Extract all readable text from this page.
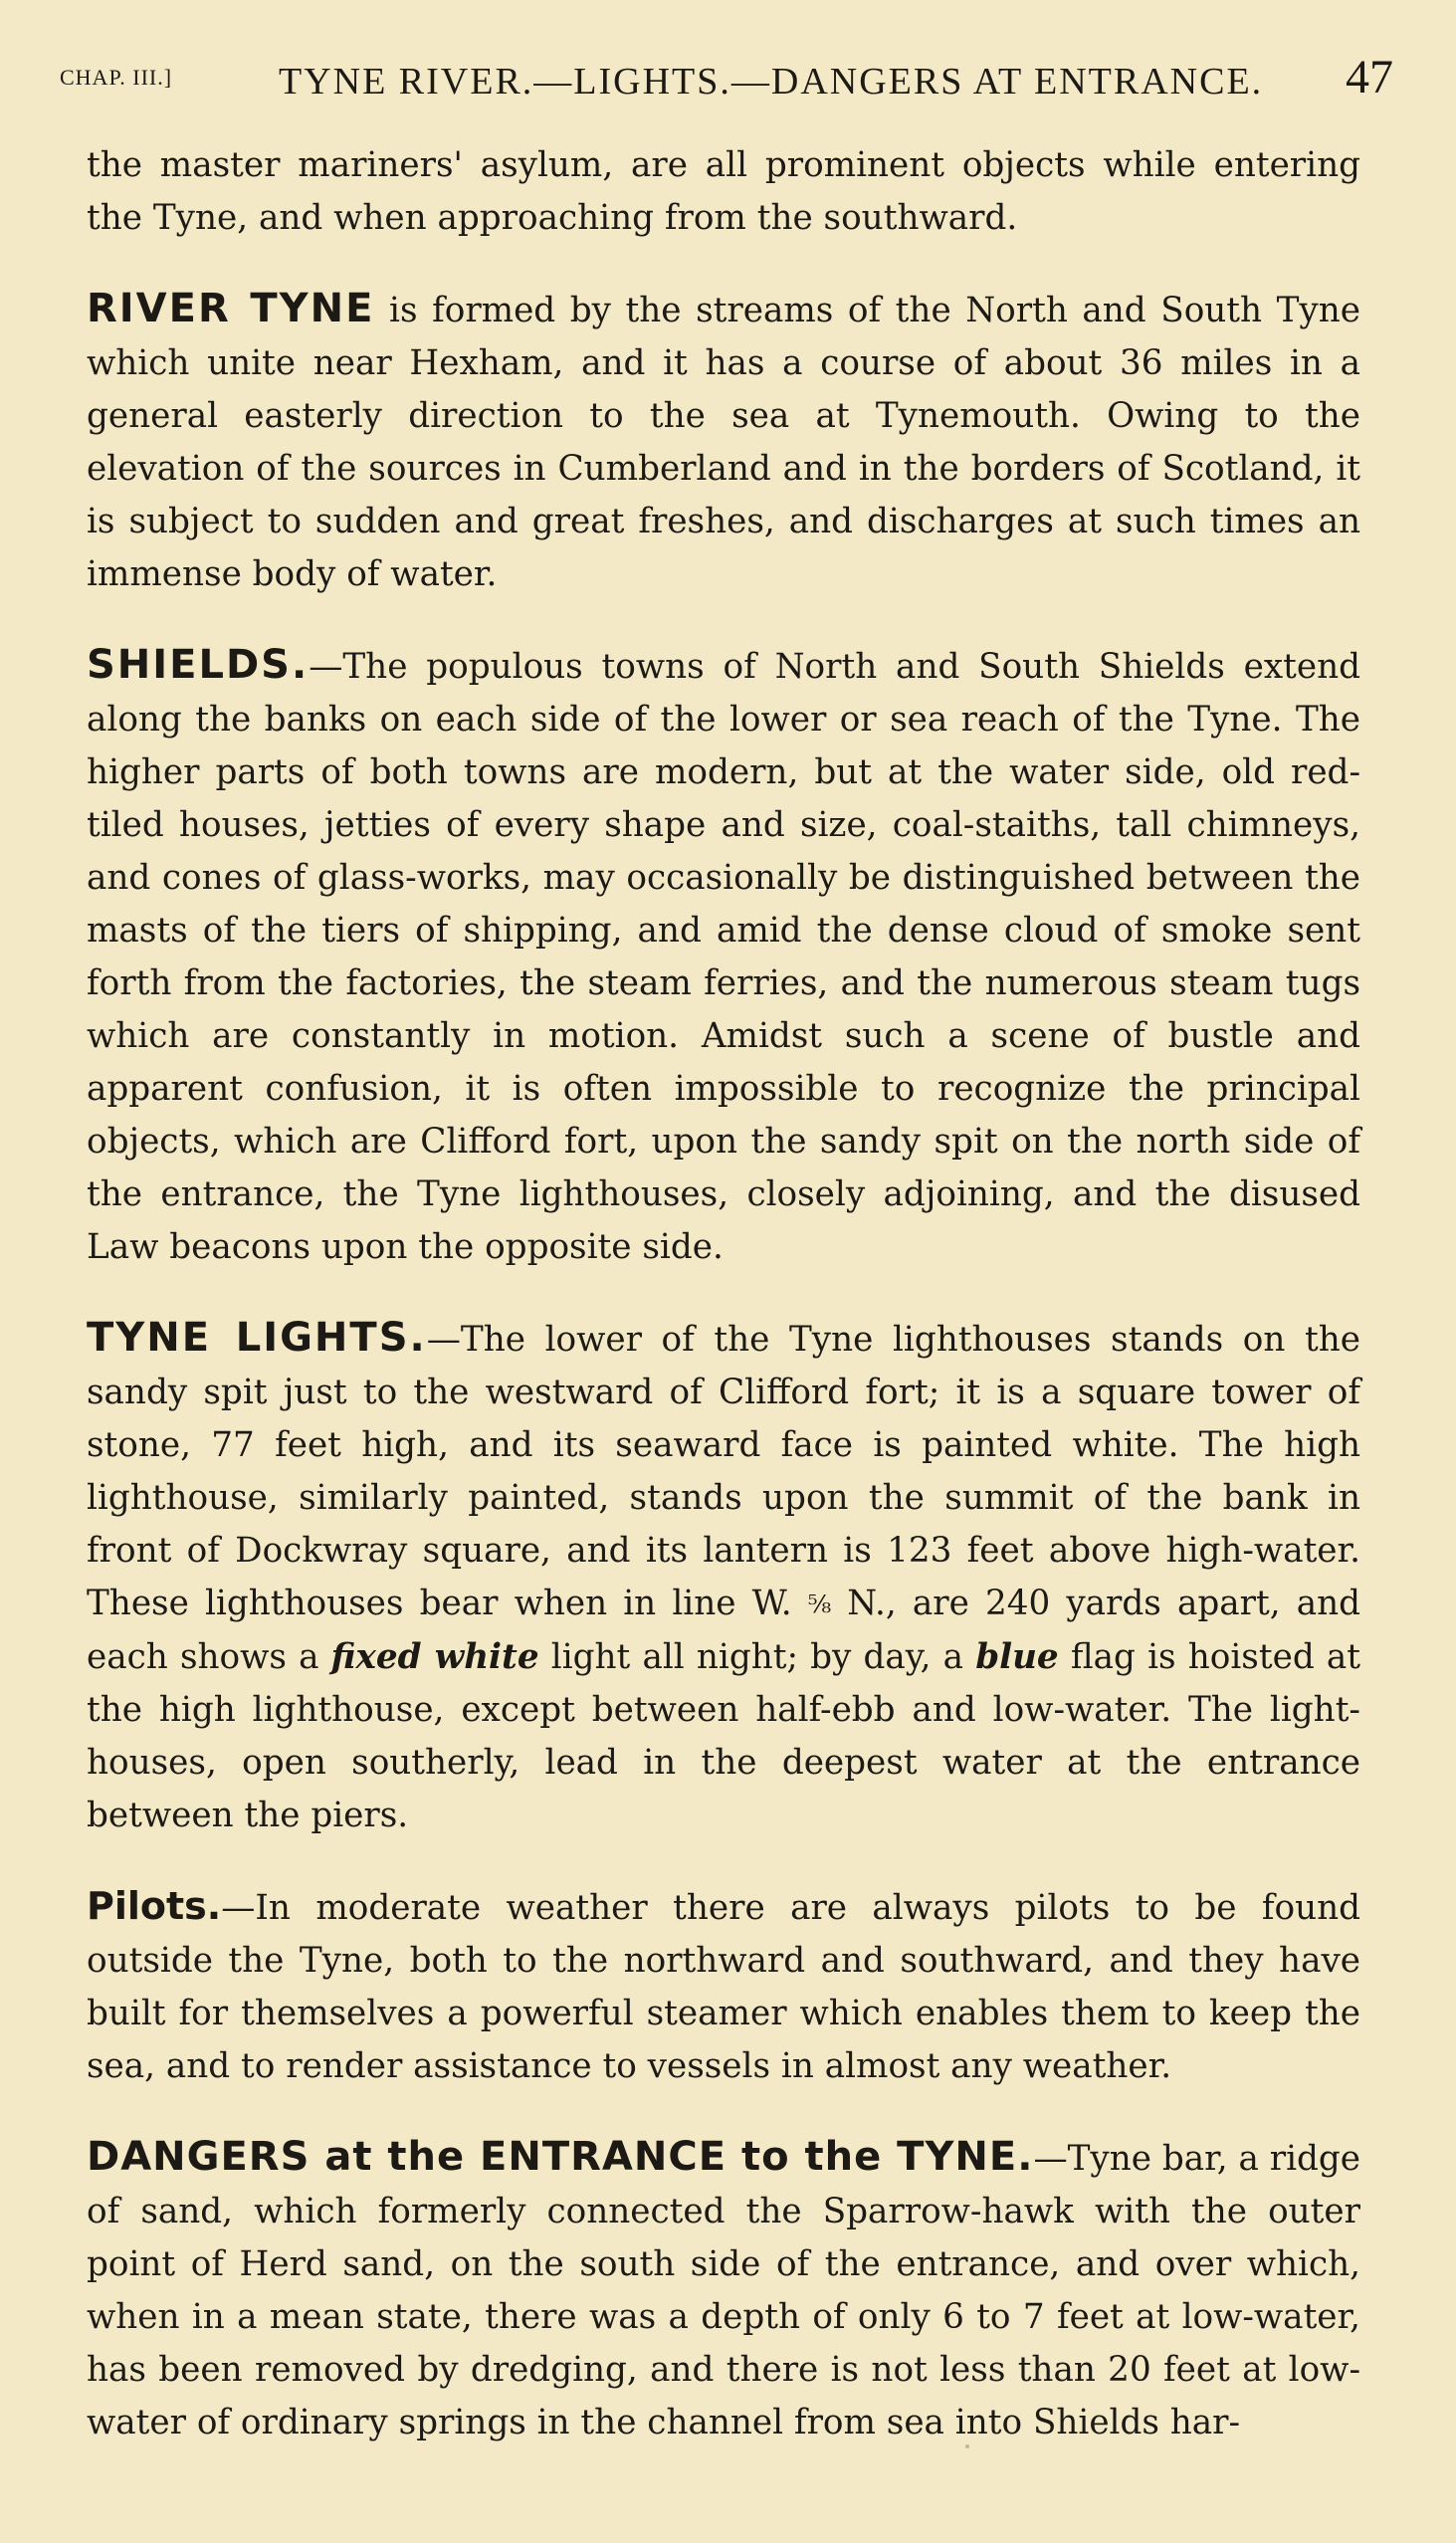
CHAP. III.]	TYNE RIVER.—LIGHTS.—DANGERS AT ENTRANCE. 47

the master mariners' asylum, are all prominent objects while entering the Tyne, and when approaching from the southward.

RIVER TYNE is formed by the streams of the North and South Tyne which unite near Hexham, and it has a course of about 36 miles in a general easterly direction to the sea at Tynemouth. Owing to the elevation of the sources in Cumberland and in the borders of Scotland, it is subject to sudden and great freshes, and discharges at such times an immense body of water.

SHIELDS.—The populous towns of North and South Shields extend along the banks on each side of the lower or sea reach of the Tyne. The higher parts of both towns are modern, but at the water side, old red-tiled houses, jetties of every shape and size, coal-staiths, tall chimneys, and cones of glass-works, may occasionally be distinguished between the masts of the tiers of shipping, and amid the dense cloud of smoke sent forth from the factories, the steam ferries, and the numerous steam tugs which are constantly in motion. Amidst such a scene of bustle and apparent confusion, it is often impossible to recognize the principal objects, which are Clifford fort, upon the sandy spit on the north side of the entrance, the Tyne lighthouses, closely adjoining, and the disused Law beacons upon the opposite side.

TYNE LIGHTS.—The lower of the Tyne lighthouses stands on the sandy spit just to the westward of Clifford fort; it is a square tower of stone, 77 feet high, and its seaward face is painted white. The high lighthouse, similarly painted, stands upon the summit of the bank in front of Dockwray square, and its lantern is 123 feet above high-water. These lighthouses bear when in line W. ⅝ N., are 240 yards apart, and each shows a fixed white light all night; by day, a blue flag is hoisted at the high lighthouse, except between half-ebb and low-water. The light-houses, open southerly, lead in the deepest water at the entrance between the piers.

Pilots.—In moderate weather there are always pilots to be found outside the Tyne, both to the northward and southward, and they have built for themselves a powerful steamer which enables them to keep the sea, and to render assistance to vessels in almost any weather.

DANGERS at the ENTRANCE to the TYNE.—Tyne bar, a ridge of sand, which formerly connected the Sparrow-hawk with the outer point of Herd sand, on the south side of the entrance, and over which, when in a mean state, there was a depth of only 6 to 7 feet at low-water, has been removed by dredging, and there is not less than 20 feet at low-water of ordinary springs in the channel from sea into Shields har-
